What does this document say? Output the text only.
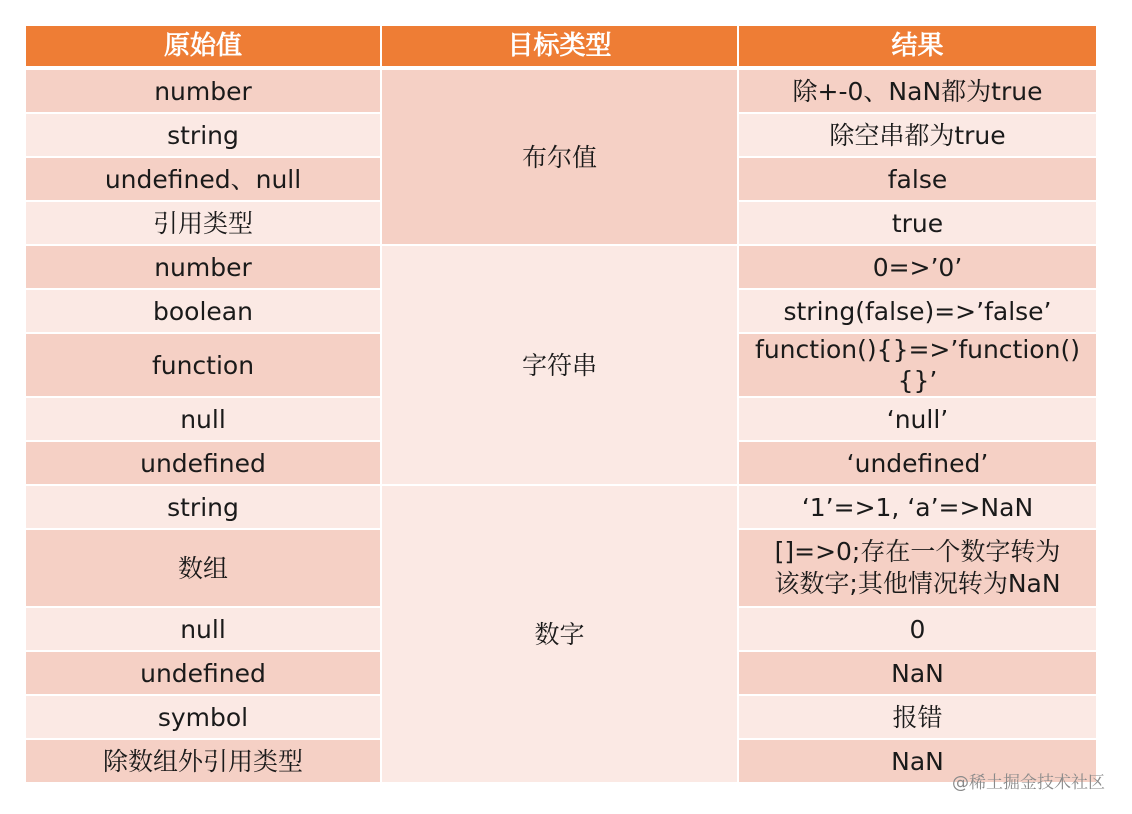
原始值	目标类型	结果
number	布尔值	除+-0、NaN都为true
string		除空串都为true
undefined、null		false
引用类型		true
number	字符串	0=>’0’
boolean		string(false)=>’false’
function		function(){}=>’function(){}’
null		‘null’
undefined		‘undefined’
string	数字	‘1’=>1, ‘a’=>NaN
数组		[]=>0;存在一个数字转为
该数字;其他情况转为NaN
null		0
undefined		NaN
symbol		报错
除数组外引用类型		NaN
@稀土掘金技术社区
